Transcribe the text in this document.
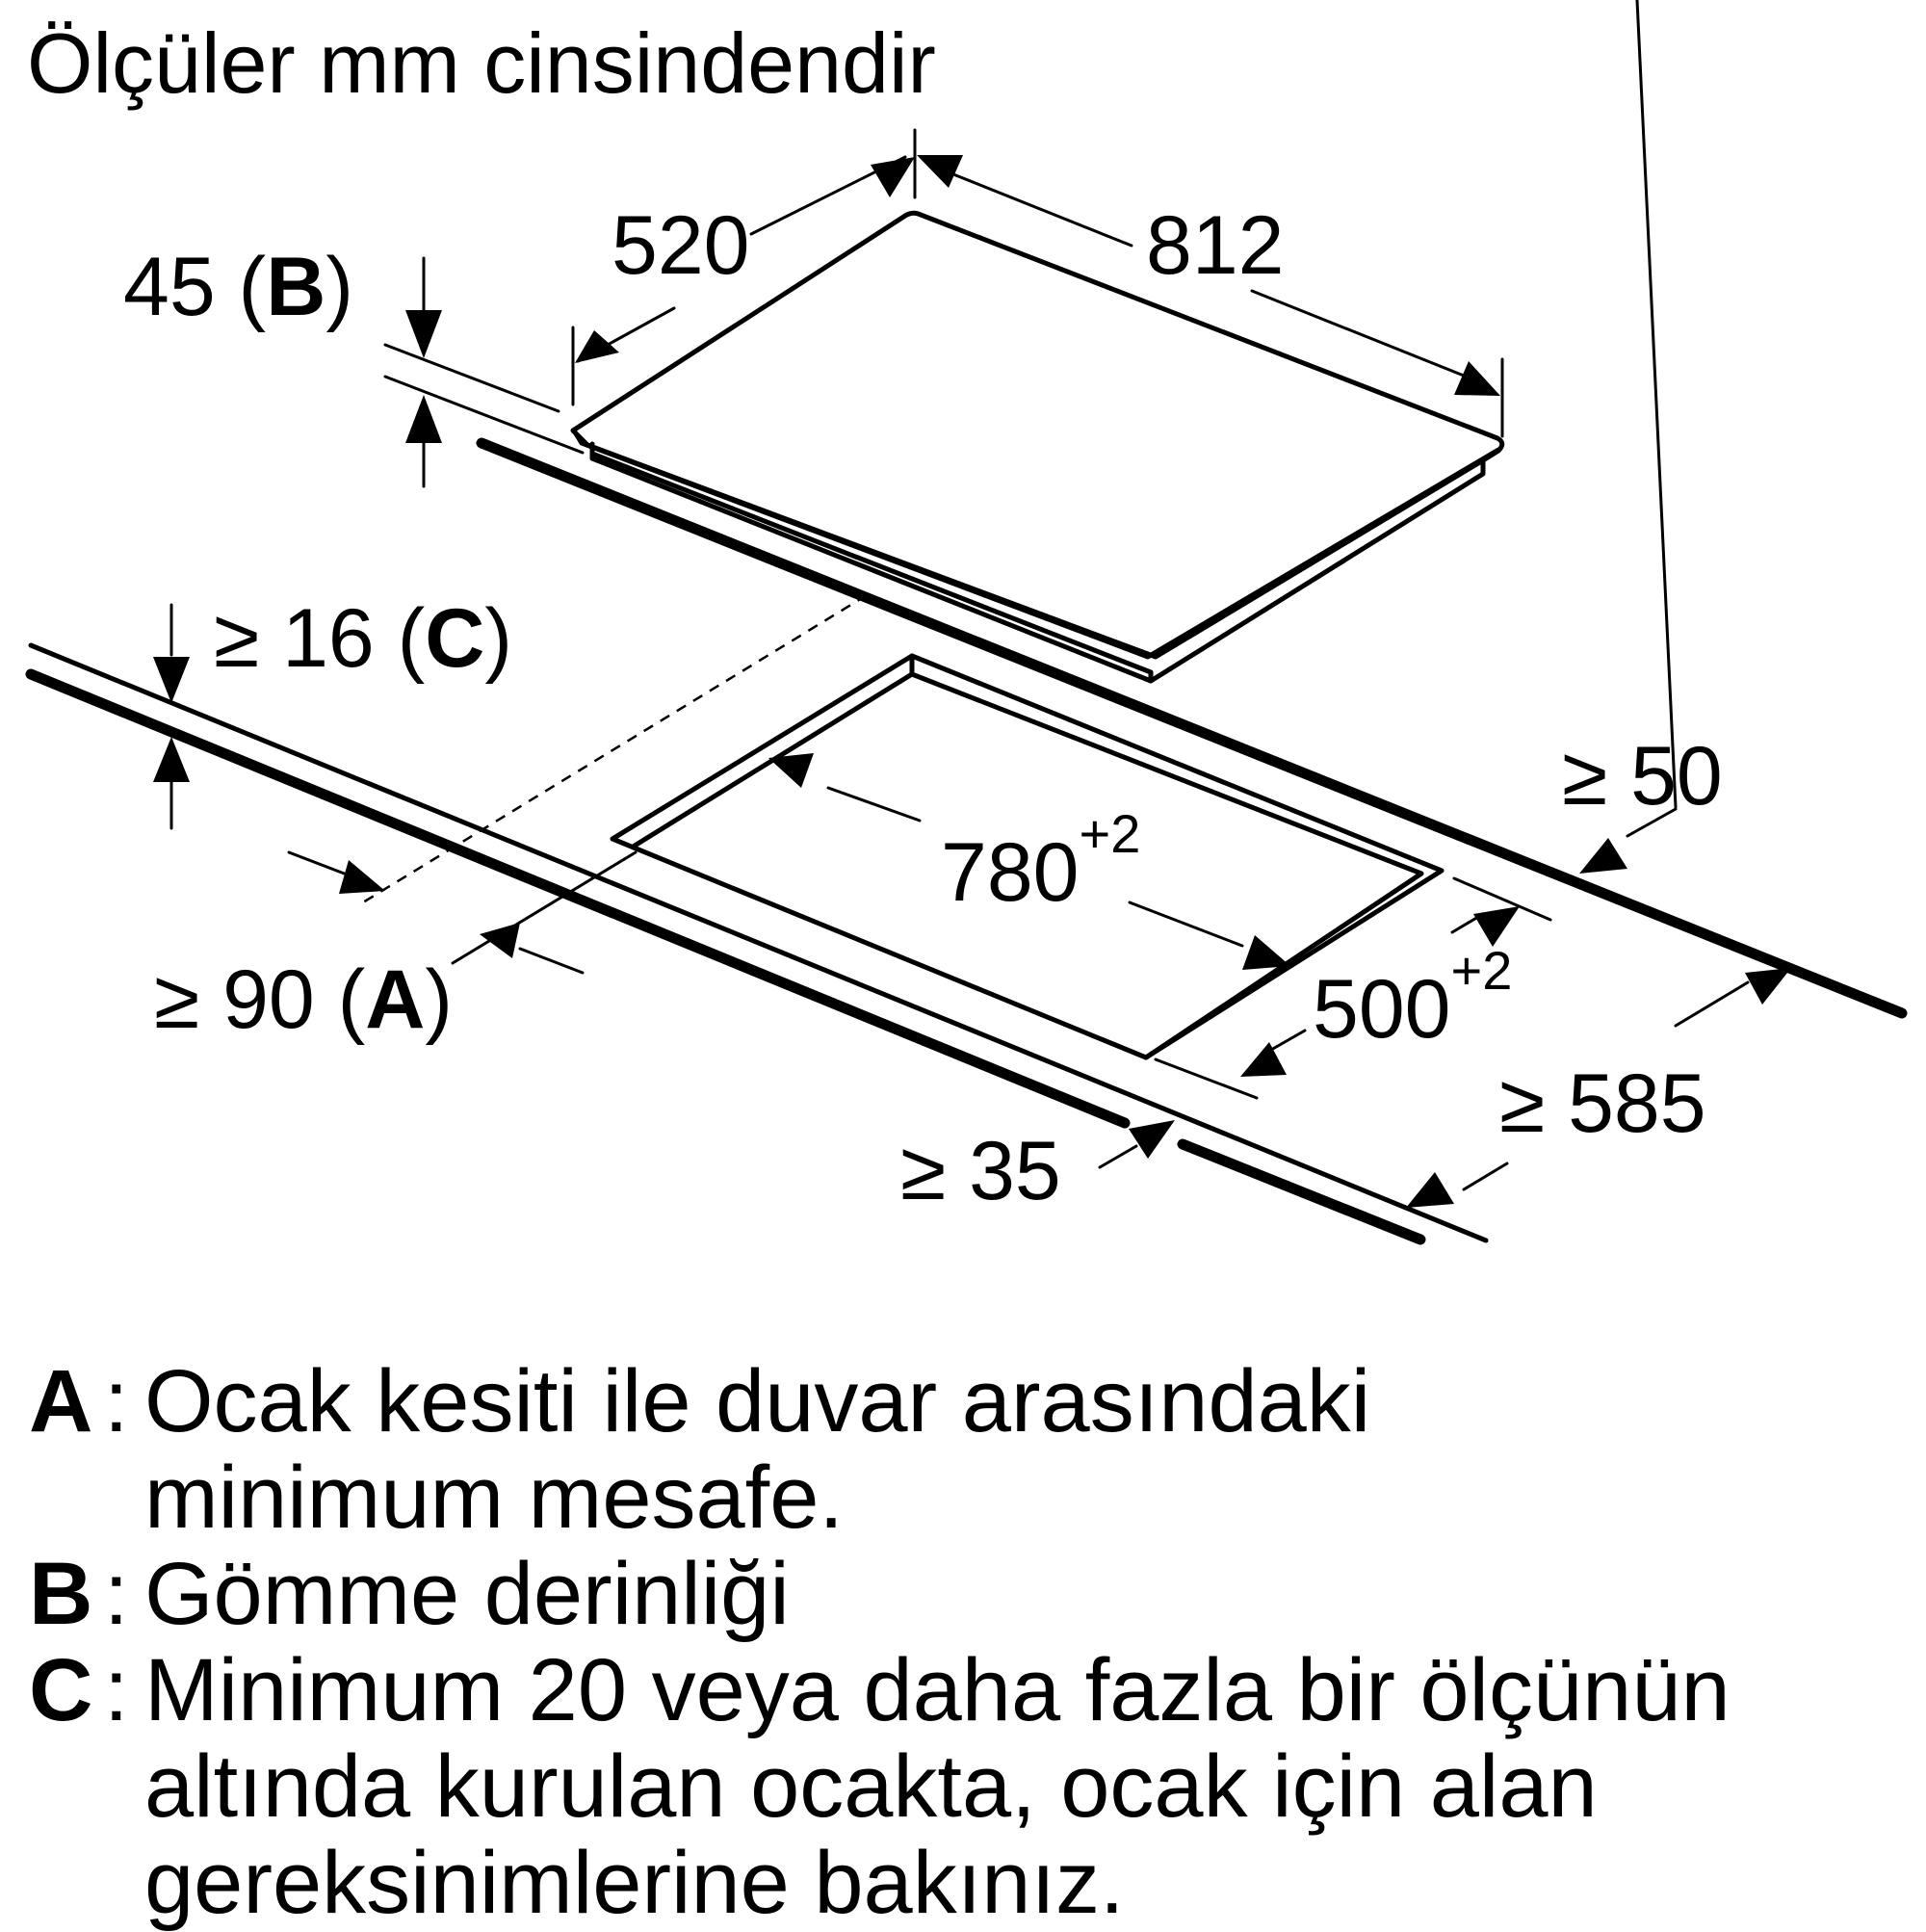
Ölçüler mm cinsindendir
520	812
45 (B)
≥ 16 (C)
$780^{+2}$
$500^{+2}$
≥ 50
≥ 90 (A)
≥ 35
≥ 585
A : Ocak kesiti ile duvar arasındaki
minimum mesafe.
B : Gömme derinliği
C : Minimum 20 veya daha fazla bir ölçünün
altında kurulan ocakta, ocak için alan
gereksinimlerine bakınız.
